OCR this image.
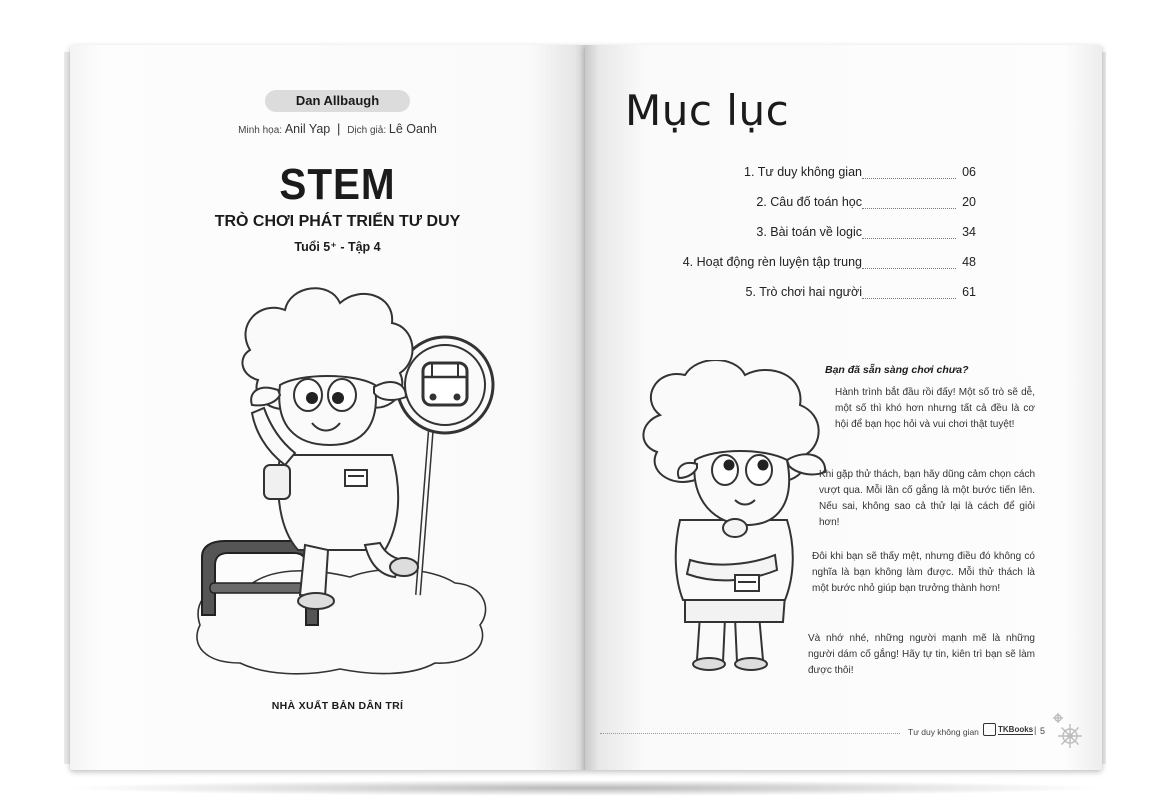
Dan Allbaugh
Minh họa: Anil Yap | Dịch giả: Lê Oanh
STEM
TRÒ CHƠI PHÁT TRIỂN TƯ DUY
Tuổi 5⁺ - Tập 4
NHÀ XUẤT BẢN DÂN TRÍ
Mục lục
1. Tư duy không gian	06
2. Câu đố toán học	20
3. Bài toán về logic	34
4. Hoạt động rèn luyện tập trung	48
5. Trò chơi hai người	61
Bạn đã sẵn sàng chơi chưa?
Hành trình bắt đầu rồi đấy! Một số trò sẽ dễ, một số thì khó hơn nhưng tất cả đều là cơ hội để bạn học hỏi và vui chơi thật tuyệt!
Khi gặp thử thách, bạn hãy dũng cảm chọn cách vượt qua. Mỗi lần cố gắng là một bước tiến lên. Nếu sai, không sao cả thử lại là cách để giỏi hơn!
Đôi khi bạn sẽ thấy mệt, nhưng điều đó không có nghĩa là bạn không làm được. Mỗi thử thách là một bước nhỏ giúp bạn trưởng thành hơn!
Và nhớ nhé, những người mạnh mẽ là những người dám cố gắng! Hãy tự tin, kiên trì bạn sẽ làm được thôi!
Tư duy không gian TKBooks | 5
